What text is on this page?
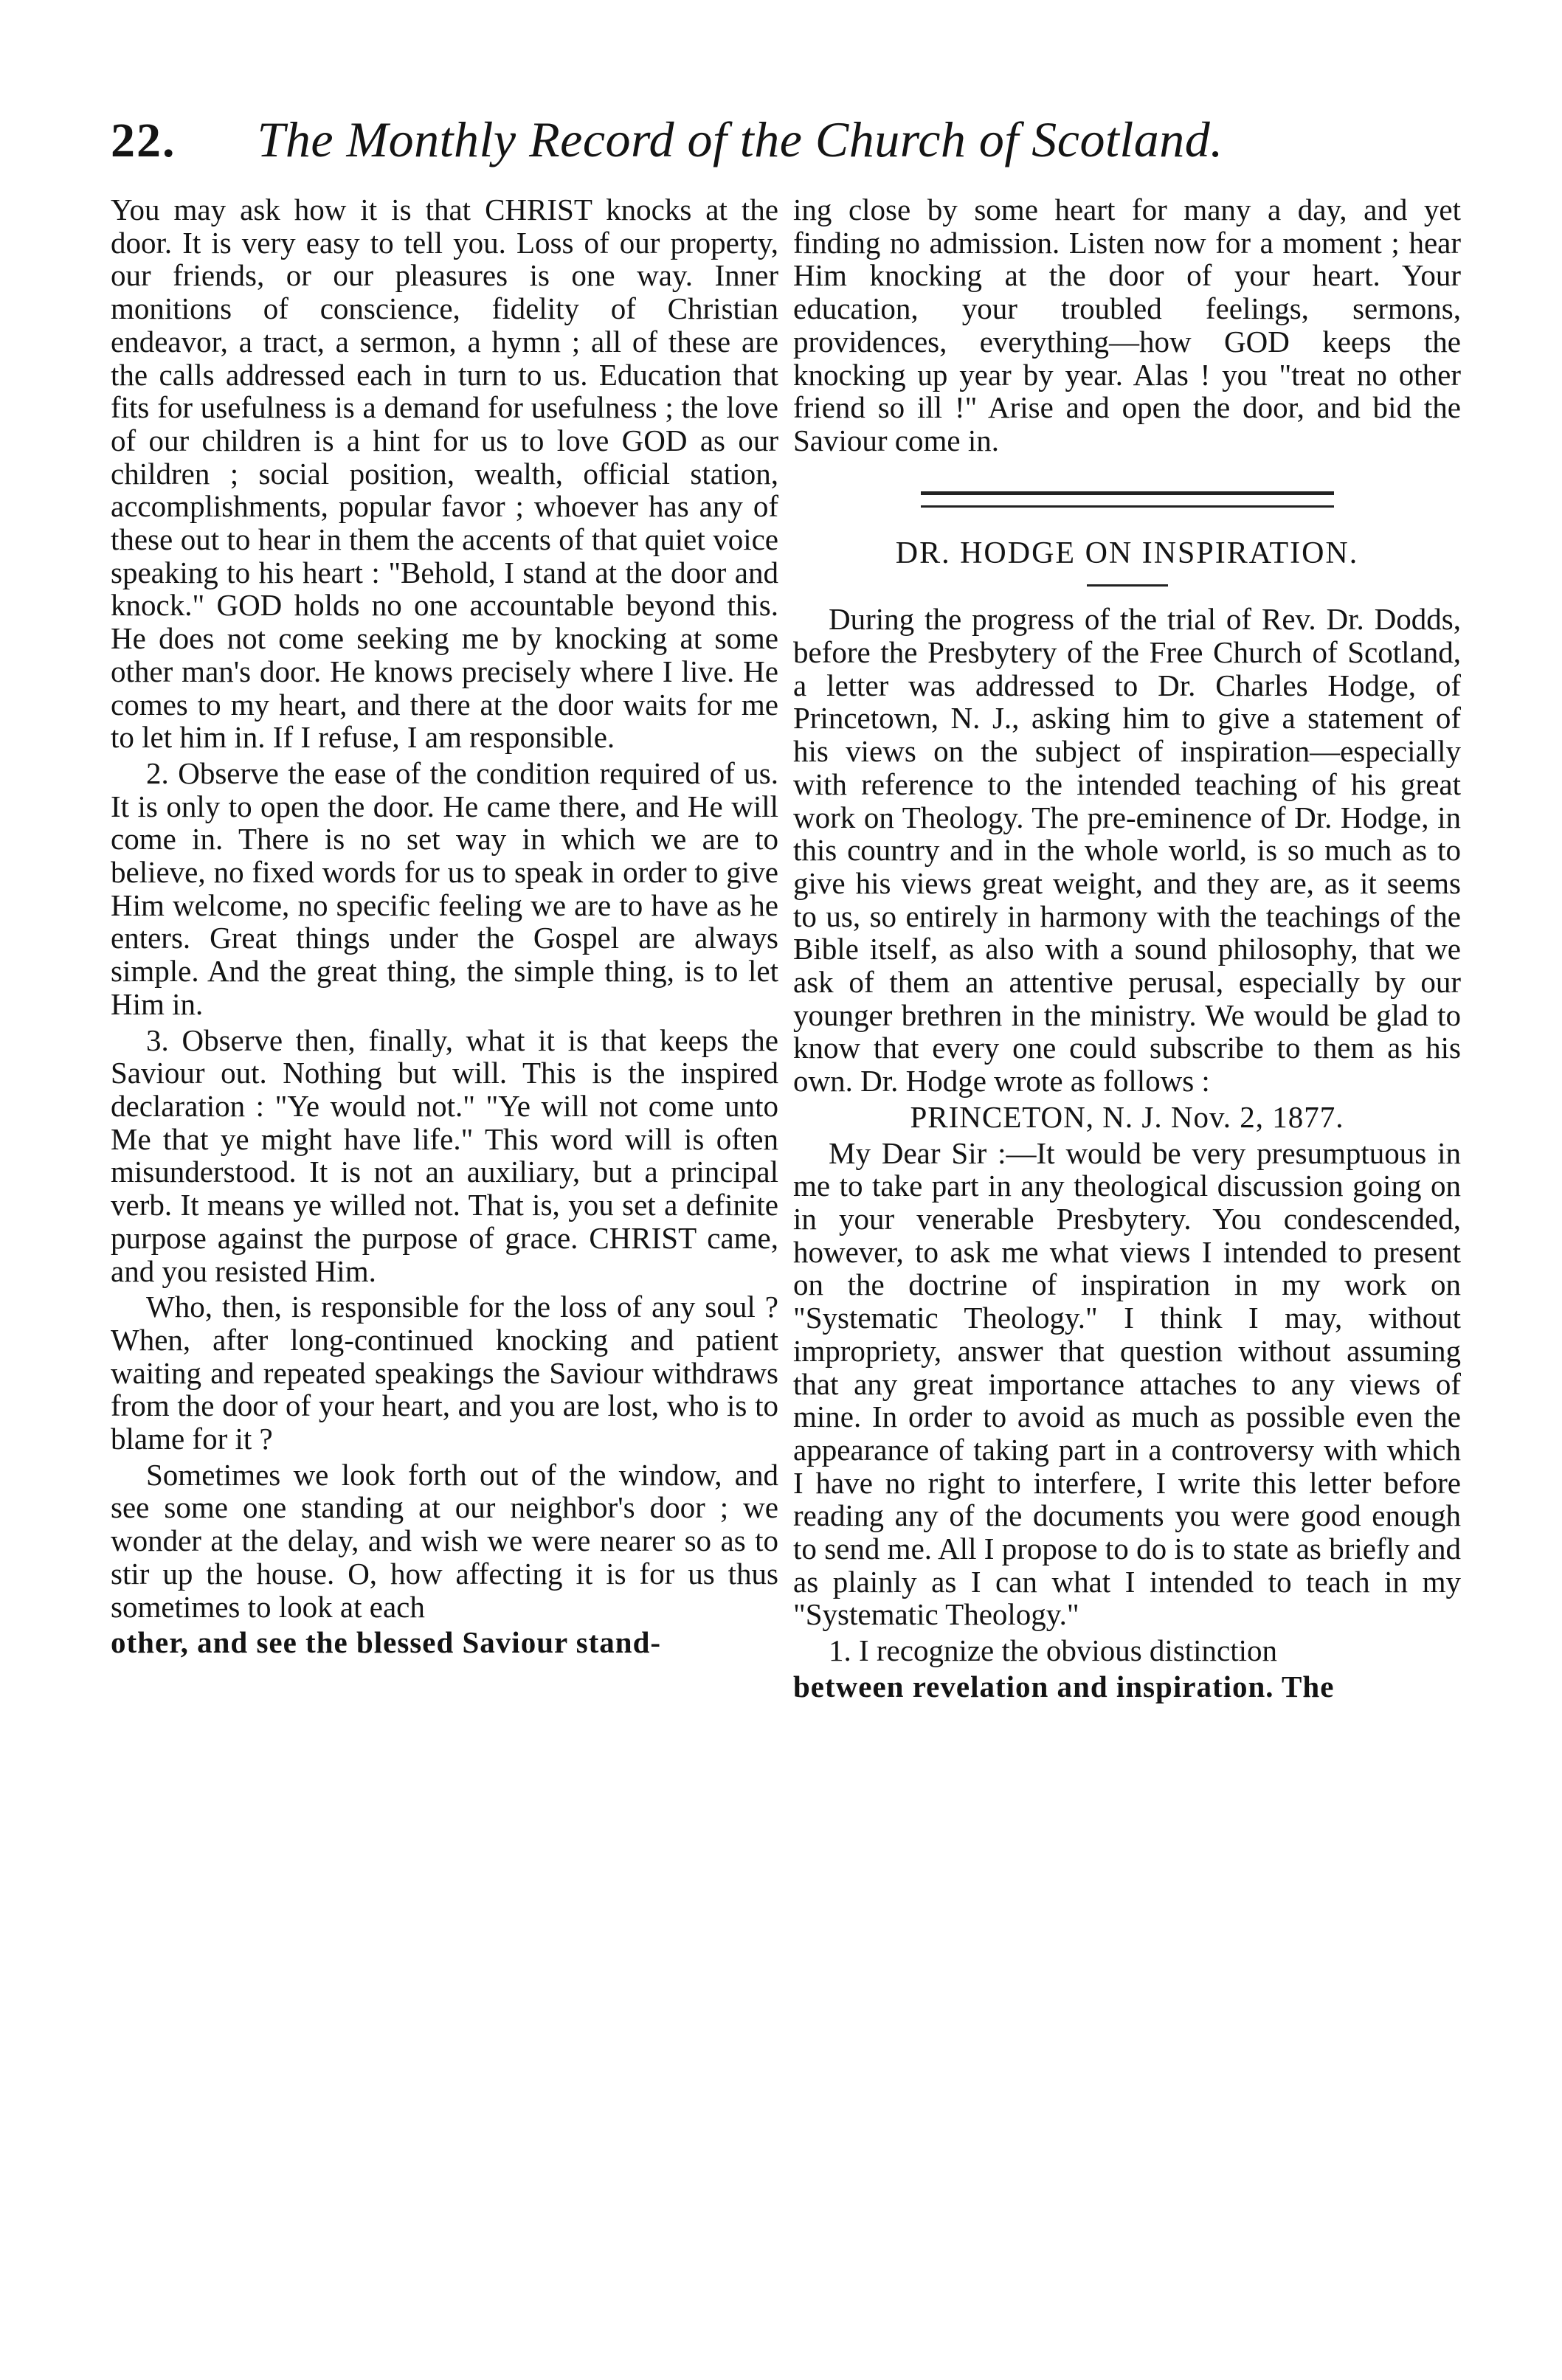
22. The Monthly Record of the Church of Scotland.

You may ask how it is that CHRIST knocks at the door. It is very easy to tell you. Loss of our property, our friends, or our pleasures is one way. Inner monitions of conscience, fidelity of Christian endeavor, a tract, a sermon, a hymn ; all of these are the calls addressed each in turn to us. Education that fits for usefulness is a demand for usefulness ; the love of our children is a hint for us to love GOD as our children ; social position, wealth, official station, accomplishments, popular favor ; whoever has any of these out to hear in them the accents of that quiet voice speaking to his heart : "Behold, I stand at the door and knock." GOD holds no one accountable beyond this. He does not come seeking me by knocking at some other man's door. He knows precisely where I live. He comes to my heart, and there at the door waits for me to let him in. If I refuse, I am responsible.

2. Observe the ease of the condition required of us. It is only to open the door. He came there, and He will come in. There is no set way in which we are to believe, no fixed words for us to speak in order to give Him welcome, no specific feeling we are to have as he enters. Great things under the Gospel are always simple. And the great thing, the simple thing, is to let Him in.

3. Observe then, finally, what it is that keeps the Saviour out. Nothing but will. This is the inspired declaration : "Ye would not." "Ye will not come unto Me that ye might have life." This word will is often misunderstood. It is not an auxiliary, but a principal verb. It means ye willed not. That is, you set a definite purpose against the purpose of grace. CHRIST came, and you resisted Him.

Who, then, is responsible for the loss of any soul ? When, after long-continued knocking and patient waiting and repeated speakings the Saviour withdraws from the door of your heart, and you are lost, who is to blame for it ?

Sometimes we look forth out of the window, and see some one standing at our neighbor's door ; we wonder at the delay, and wish we were nearer so as to stir up the house. O, how affecting it is for us thus sometimes to look at each

other, and see the blessed Saviour stand-

ing close by some heart for many a day, and yet finding no admission. Listen now for a moment ; hear Him knocking at the door of your heart. Your education, your troubled feelings, sermons, providences, everything—how GOD keeps the knocking up year by year. Alas ! you "treat no other friend so ill !" Arise and open the door, and bid the Saviour come in.

DR. HODGE ON INSPIRATION.

During the progress of the trial of Rev. Dr. Dodds, before the Presbytery of the Free Church of Scotland, a letter was addressed to Dr. Charles Hodge, of Princetown, N. J., asking him to give a statement of his views on the subject of inspiration—especially with reference to the intended teaching of his great work on Theology. The pre-eminence of Dr. Hodge, in this country and in the whole world, is so much as to give his views great weight, and they are, as it seems to us, so entirely in harmony with the teachings of the Bible itself, as also with a sound philosophy, that we ask of them an attentive perusal, especially by our younger brethren in the ministry. We would be glad to know that every one could subscribe to them as his own. Dr. Hodge wrote as follows :

PRINCETON, N. J. Nov. 2, 1877.

My Dear Sir :—It would be very presumptuous in me to take part in any theological discussion going on in your venerable Presbytery. You condescended, however, to ask me what views I intended to present on the doctrine of inspiration in my work on "Systematic Theology." I think I may, without impropriety, answer that question without assuming that any great importance attaches to any views of mine. In order to avoid as much as possible even the appearance of taking part in a controversy with which I have no right to interfere, I write this letter before reading any of the documents you were good enough to send me. All I propose to do is to state as briefly and as plainly as I can what I intended to teach in my "Systematic Theology."

1. I recognize the obvious distinction

between revelation and inspiration. The
